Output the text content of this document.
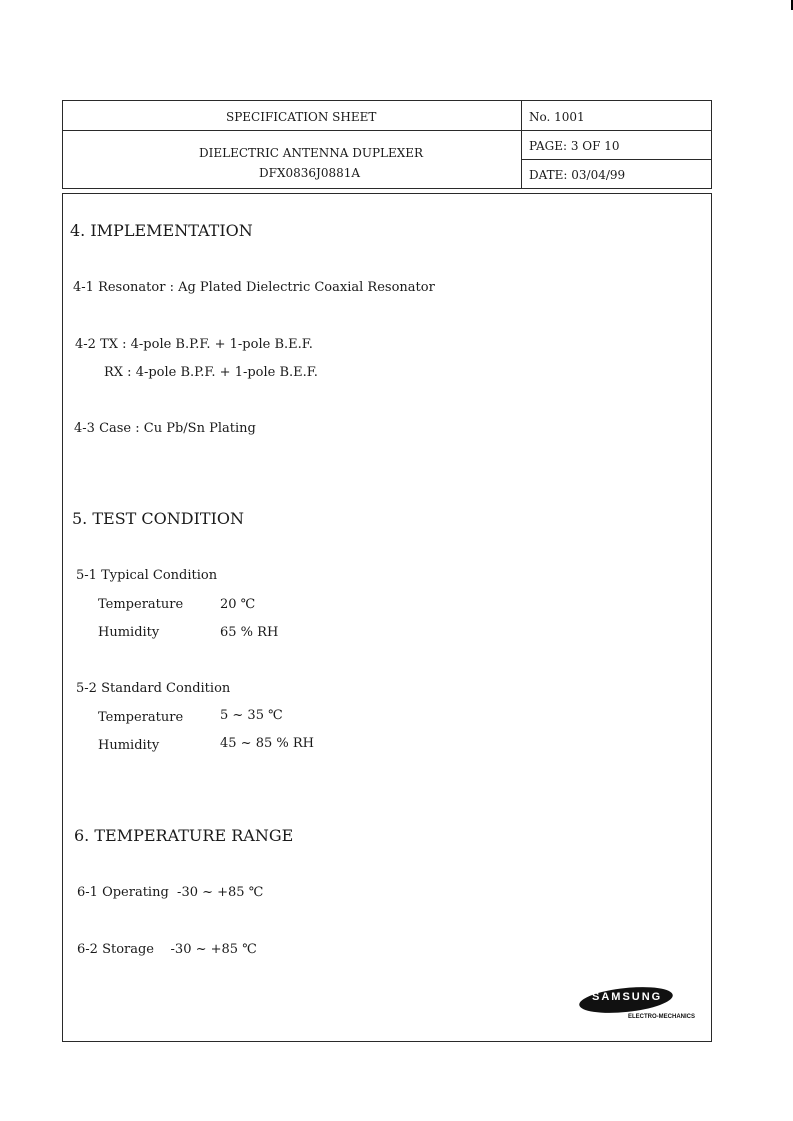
SPECIFICATION SHEET
DIELECTRIC ANTENNA DUPLEXER
DFX0836J0881A
No. 1001
PAGE: 3 OF 10
DATE: 03/04/99
4. IMPLEMENTATION
4-1 Resonator : Ag Plated Dielectric Coaxial Resonator
4-2 TX : 4-pole B.P.F. + 1-pole B.E.F.
RX : 4-pole B.P.F. + 1-pole B.E.F.
4-3 Case : Cu Pb/Sn Plating
5. TEST CONDITION
5-1 Typical Condition
Temperature	20 ℃
Humidity	65 % RH
5-2 Standard Condition
Temperature	5 ~ 35 ℃
Humidity	45 ~ 85 % RH
6. TEMPERATURE RANGE
6-1 Operating  -30 ~ +85 ℃
6-2 Storage    -30 ~ +85 ℃
SAMSUNG
ELECTRO-MECHANICS
